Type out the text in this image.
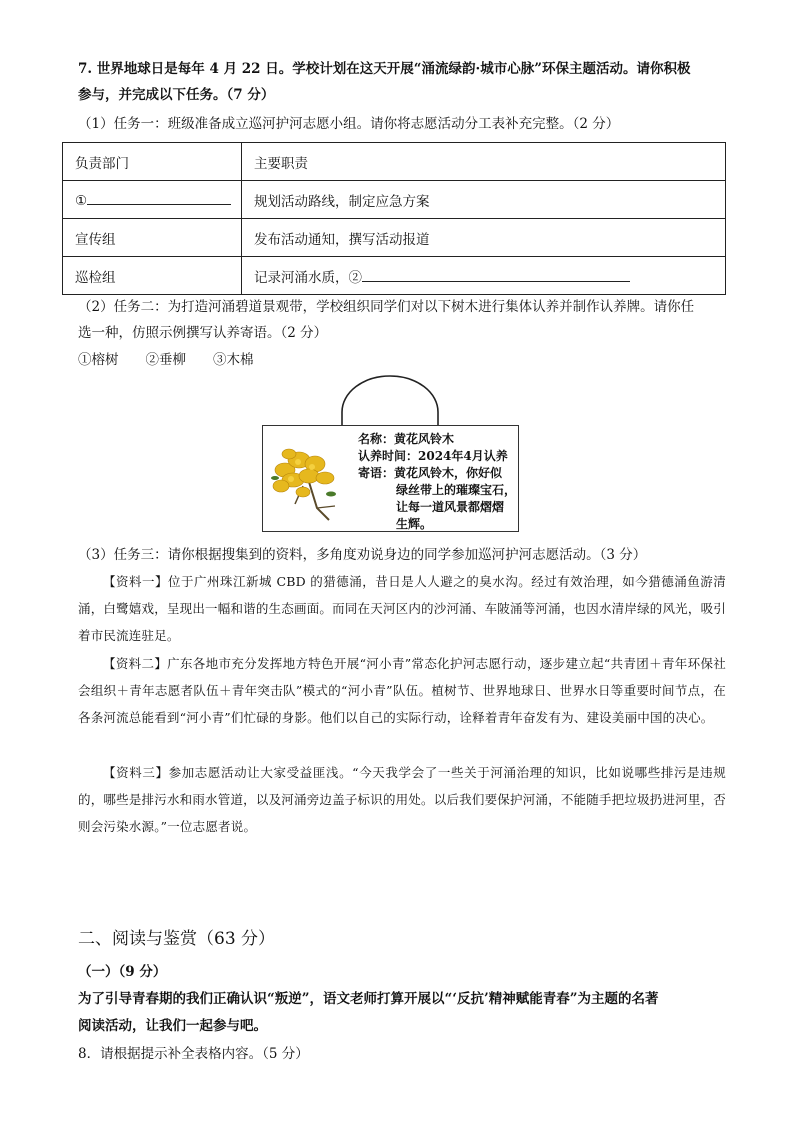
7. 世界地球日是每年 4 月 22 日。学校计划在这天开展“涌流绿韵·城市心脉”环保主题活动。请你积极
参与，并完成以下任务。（7 分）
（1）任务一：班级准备成立巡河护河志愿小组。请你将志愿活动分工表补充完整。（2 分）
负责部门	主要职责
①	规划活动路线，制定应急方案
宣传组	发布活动通知，撰写活动报道
巡检组	记录河涌水质，②
（2）任务二：为打造河涌碧道景观带，学校组织同学们对以下树木进行集体认养并制作认养牌。请你任
选一种，仿照示例撰写认养寄语。（2 分）
①榕树　　②垂柳　　③木棉
名称：黄花风铃木
认养时间：2024年4月认养
寄语：黄花风铃木，你好似
绿丝带上的璀璨宝石，
让每一道风景都熠熠
生辉。
（3）任务三：请你根据搜集到的资料，多角度劝说身边的同学参加巡河护河志愿活动。（3 分）
【资料一】位于广州珠江新城 CBD 的猎德涌，昔日是人人避之的臭水沟。经过有效治理，如今猎德涌鱼游清涌，白鹭嬉戏，呈现出一幅和谐的生态画面。而同在天河区内的沙河涌、车陂涌等河涌，也因水清岸绿的风光，吸引着市民流连驻足。
【资料二】广东各地市充分发挥地方特色开展“河小青”常态化护河志愿行动，逐步建立起“共青团＋青年环保社会组织＋青年志愿者队伍＋青年突击队”模式的“河小青”队伍。植树节、世界地球日、世界水日等重要时间节点，在各条河流总能看到“河小青”们忙碌的身影。他们以自己的实际行动，诠释着青年奋发有为、建设美丽中国的决心。
【资料三】参加志愿活动让大家受益匪浅。“今天我学会了一些关于河涌治理的知识，比如说哪些排污是违规的，哪些是排污水和雨水管道，以及河涌旁边盖子标识的用处。以后我们要保护河涌，不能随手把垃圾扔进河里，否则会污染水源。”一位志愿者说。
二、阅读与鉴赏（63 分）
（一）（9 分）
为了引导青春期的我们正确认识“叛逆”，语文老师打算开展以“‘反抗’精神赋能青春”为主题的名著
阅读活动，让我们一起参与吧。
8．请根据提示补全表格内容。（5 分）
